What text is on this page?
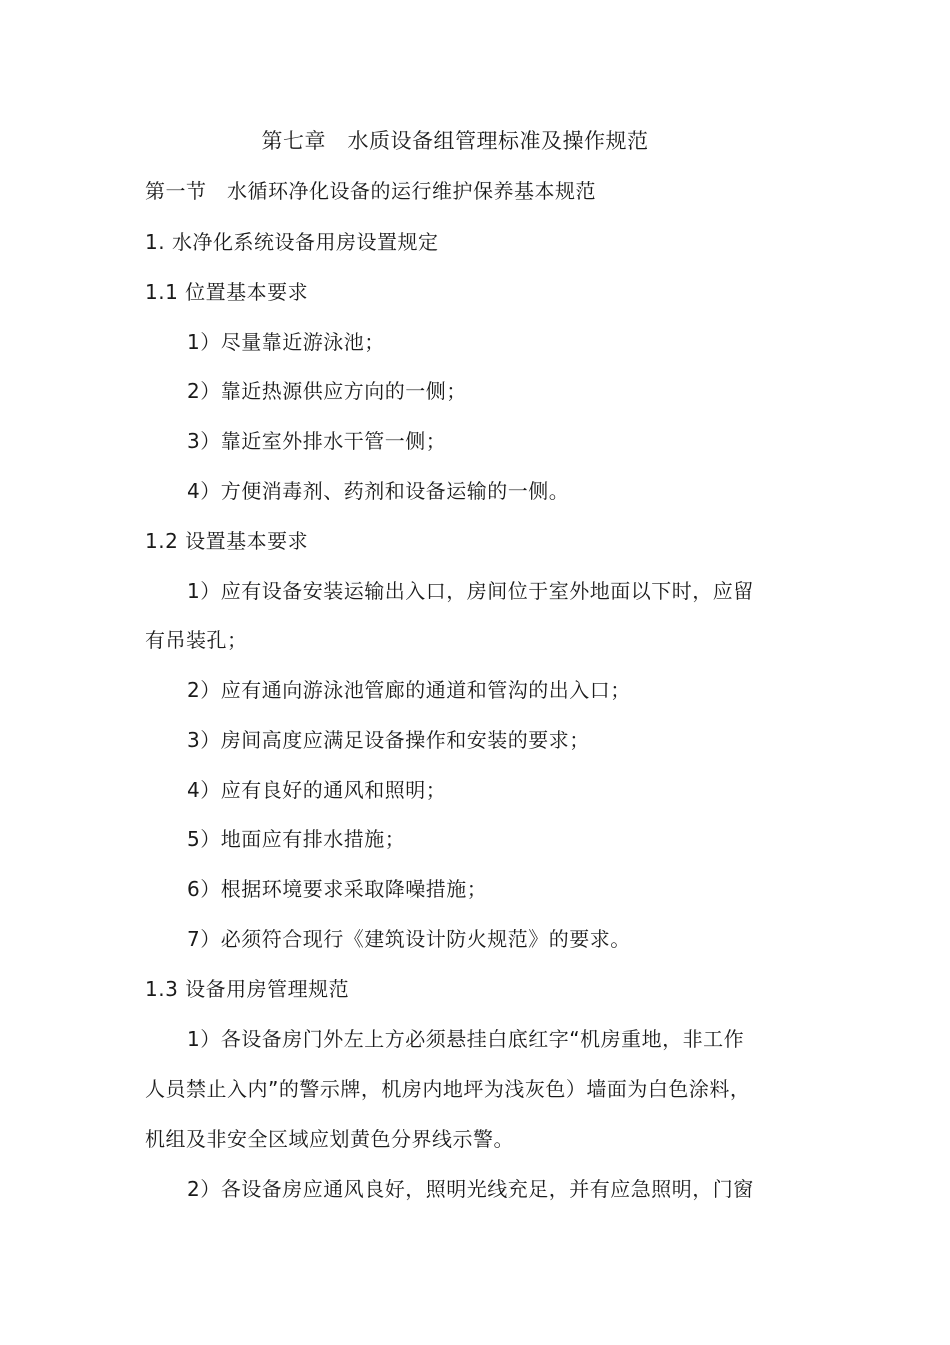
第七章　水质设备组管理标准及操作规范
第一节　水循环净化设备的运行维护保养基本规范
1. 水净化系统设备用房设置规定
1.1 位置基本要求
1）尽量靠近游泳池；
2）靠近热源供应方向的一侧；
3）靠近室外排水干管一侧；
4）方便消毒剂、药剂和设备运输的一侧。
1.2 设置基本要求
1）应有设备安装运输出入口，房间位于室外地面以下时，应留
有吊装孔；
2）应有通向游泳池管廊的通道和管沟的出入口；
3）房间高度应满足设备操作和安装的要求；
4）应有良好的通风和照明；
5）地面应有排水措施；
6）根据环境要求采取降噪措施；
7）必须符合现行《建筑设计防火规范》的要求。
1.3 设备用房管理规范
1）各设备房门外左上方必须悬挂白底红字“机房重地，非工作
人员禁止入内”的警示牌，机房内地坪为浅灰色）墙面为白色涂料，
机组及非安全区域应划黄色分界线示警。
2）各设备房应通风良好，照明光线充足，并有应急照明，门窗
